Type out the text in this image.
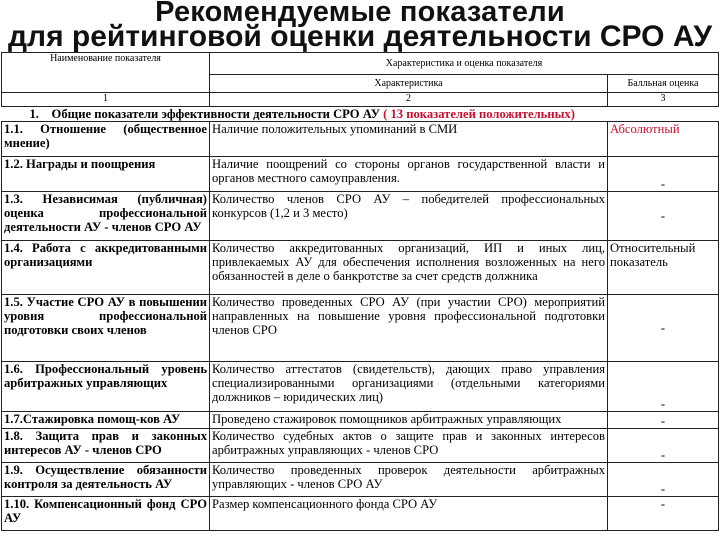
Рекомендуемые показатели
для рейтинговой оценки деятельности СРО АУ
Наименование показателя	Характеристика и оценка показателя	
	Характеристика	Балльная оценка
1	2	3
1. Общие показатели эффективности деятельности СРО АУ ( 13 показателей положительных)		
1.1. Отношение (общественное мнение)	Наличие положительных упоминаний в СМИ	Абсолютный
1.2. Награды и поощрения	Наличие поощрений со стороны органов государственной власти и органов местного самоуправления.	-
1.3. Независимая (публичная) оценка профессиональной деятельности АУ - членов СРО АУ	Количество членов СРО АУ – победителей профессиональных конкурсов (1,2 и 3 место)	-
1.4. Работа с аккредитованными организациями	Количество аккредитованных организаций, ИП и иных лиц, привлекаемых АУ для обеспечения исполнения возложенных на него обязанностей в деле о банкротстве за счет средств должника	Относительный показатель
1.5. Участие СРО АУ в повышении уровня профессиональной подготовки своих членов	Количество проведенных СРО АУ (при участии СРО) мероприятий направленных на повышение уровня профессиональной подготовки членов СРО	-
1.6. Профессиональный уровень арбитражных управляющих	Количество аттестатов (свидетельств), дающих право управления специализированными организациями (отдельными категориями должников – юридических лиц)	-
1.7.Стажировка помощ-ков АУ	Проведено стажировок помощников арбитражных управляющих	-
1.8. Защита прав и законных интересов АУ - членов СРО	Количество судебных актов о защите прав и законных интересов арбитражных управляющих - членов СРО	-
1.9. Осуществление обязанности контроля за деятельность АУ	Количество проведенных проверок деятельности арбитражных управляющих - членов СРО АУ	-
1.10. Компенсационный фонд СРО АУ	Размер компенсационного фонда СРО АУ	-
